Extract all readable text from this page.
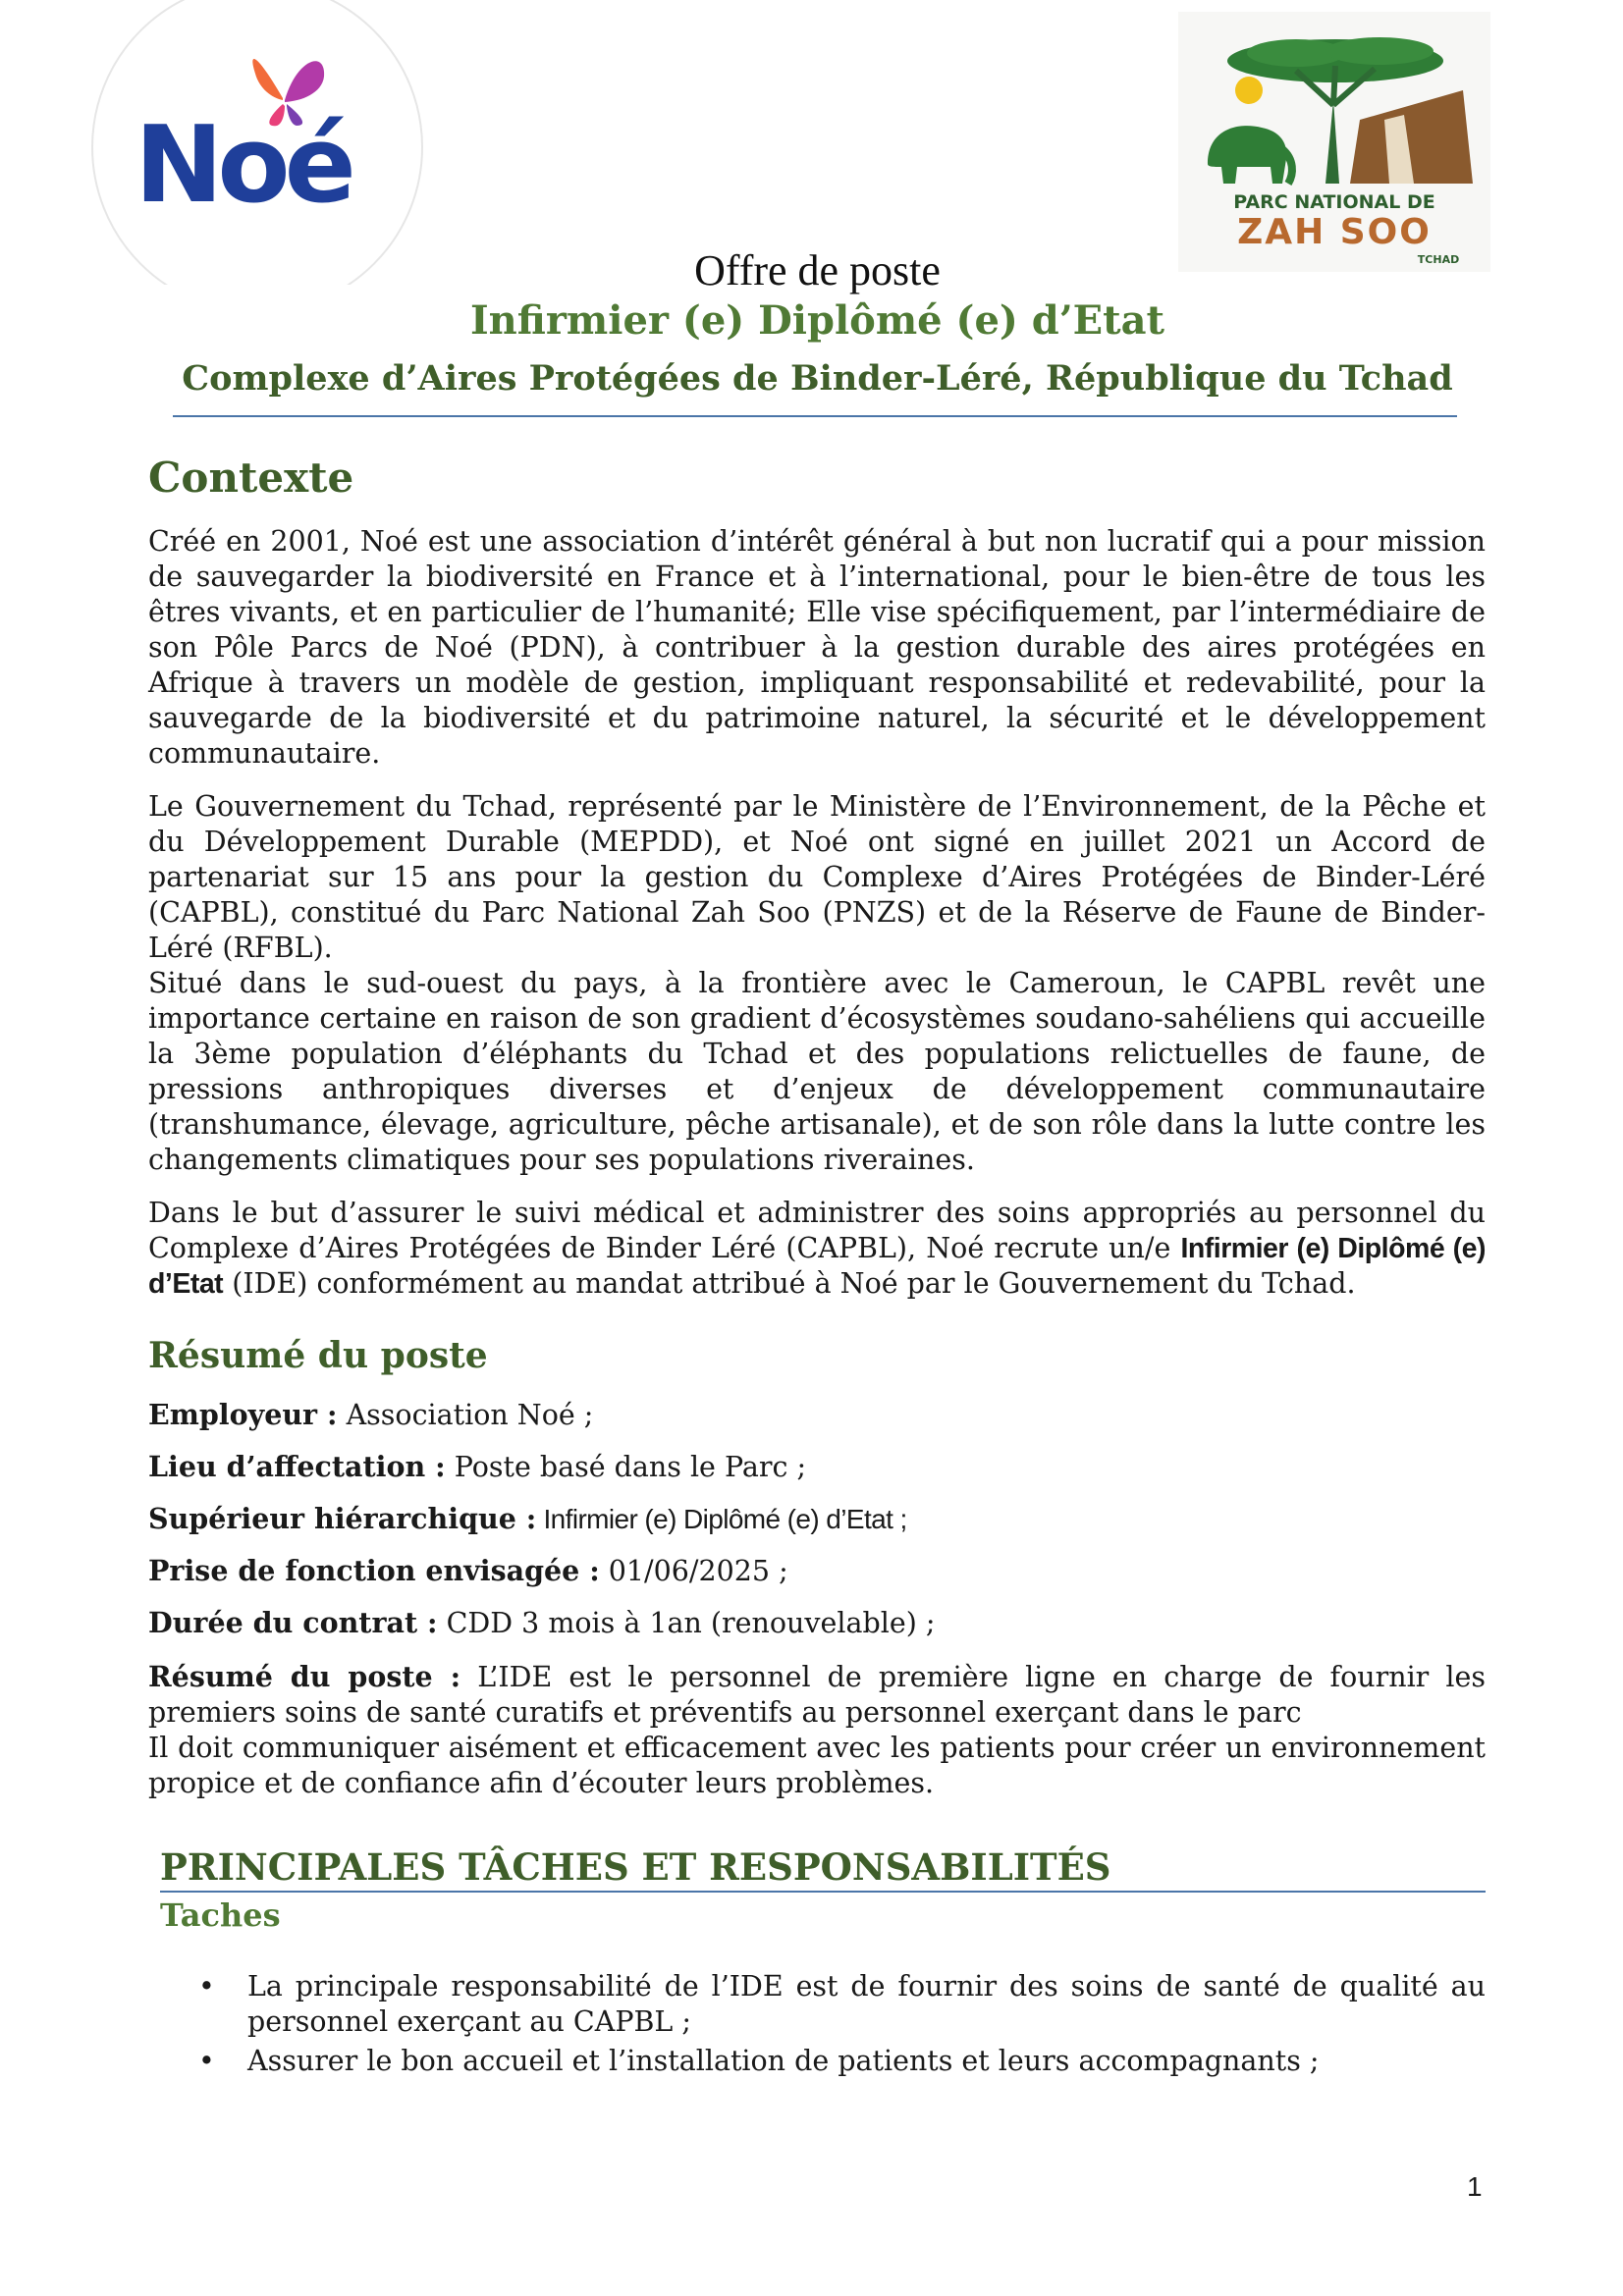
Noé	PARC NATIONAL DE
ZAH SOO
TCHAD
Offre de poste
Infirmier (e) Diplômé (e) d’Etat
Complexe d’Aires Protégées de Binder-Léré, République du Tchad
Contexte
Créé en 2001, Noé est une association d’intérêt général à but non lucratif qui a pour mission de sauvegarder la biodiversité en France et à l’international, pour le bien-être de tous les êtres vivants, et en particulier de l’humanité; Elle vise spécifiquement, par l’intermédiaire de son Pôle Parcs de Noé (PDN), à contribuer à la gestion durable des aires protégées en Afrique à travers un modèle de gestion, impliquant responsabilité et redevabilité, pour la sauvegarde de la biodiversité et du patrimoine naturel, la sécurité et le développement communautaire.
Le Gouvernement du Tchad, représenté par le Ministère de l’Environnement, de la Pêche et du Développement Durable (MEPDD), et Noé ont signé en juillet 2021 un Accord de partenariat sur 15 ans pour la gestion du Complexe d’Aires Protégées de Binder-Léré (CAPBL), constitué du Parc National Zah Soo (PNZS) et de la Réserve de Faune de Binder-Léré (RFBL).
Situé dans le sud-ouest du pays, à la frontière avec le Cameroun, le CAPBL revêt une importance certaine en raison de son gradient d’écosystèmes soudano-sahéliens qui accueille la 3ème population d’éléphants du Tchad et des populations relictuelles de faune, de pressions anthropiques diverses et d’enjeux de développement communautaire (transhumance, élevage, agriculture, pêche artisanale), et de son rôle dans la lutte contre les changements climatiques pour ses populations riveraines.
Dans le but d’assurer le suivi médical et administrer des soins appropriés au personnel du Complexe d’Aires Protégées de Binder Léré (CAPBL), Noé recrute un/e Infirmier (e) Diplômé (e) d’Etat (IDE) conformément au mandat attribué à Noé par le Gouvernement du Tchad.
Résumé du poste
Employeur : Association Noé ;
Lieu d’affectation : Poste basé dans le Parc ;
Supérieur hiérarchique : Infirmier (e) Diplômé (e) d’Etat ;
Prise de fonction envisagée : 01/06/2025 ;
Durée du contrat : CDD 3 mois à 1an (renouvelable) ;
Résumé du poste : L’IDE est le personnel de première ligne en charge de fournir les premiers soins de santé curatifs et préventifs au personnel exerçant dans le parc
Il doit communiquer aisément et efficacement avec les patients pour créer un environnement propice et de confiance afin d’écouter leurs problèmes.
PRINCIPALES TÂCHES ET RESPONSABILITÉS
Taches
• La principale responsabilité de l’IDE est de fournir des soins de santé de qualité au personnel exerçant au CAPBL ;
• Assurer le bon accueil et l’installation de patients et leurs accompagnants ;
1
